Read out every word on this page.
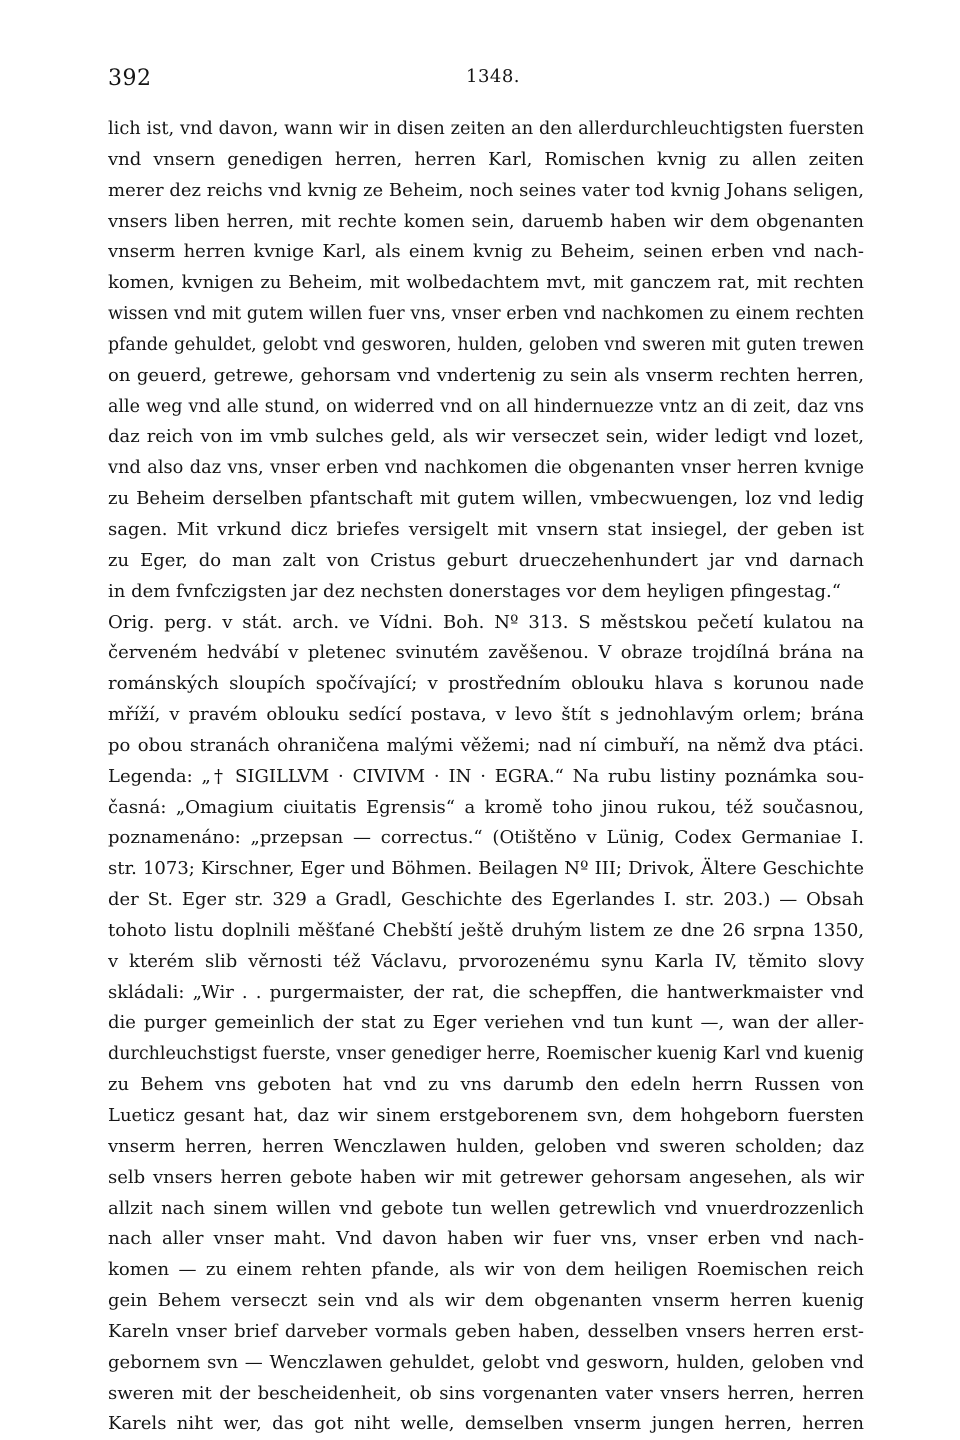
392	1348.
lich ist, vnd davon, wann wir in disen zeiten an den allerdurchleuchtigsten fuersten
vnd vnsern genedigen herren, herren Karl, Romischen kvnig zu allen zeiten
merer dez reichs vnd kvnig ze Beheim, noch seines vater tod kvnig Johans seligen,
vnsers liben herren, mit rechte komen sein, daruemb haben wir dem obgenanten
vnserm herren kvnige Karl, als einem kvnig zu Beheim, seinen erben vnd nach-
komen, kvnigen zu Beheim, mit wolbedachtem mvt, mit ganczem rat, mit rechten
wissen vnd mit gutem willen fuer vns, vnser erben vnd nachkomen zu einem rechten
pfande gehuldet, gelobt vnd gesworen, hulden, geloben vnd sweren mit guten trewen
on geuerd, getrewe, gehorsam vnd vndertenig zu sein als vnserm rechten herren,
alle weg vnd alle stund, on widerred vnd on all hindernuezze vntz an di zeit, daz vns
daz reich von im vmb sulches geld, als wir verseczet sein, wider ledigt vnd lozet,
vnd also daz vns, vnser erben vnd nachkomen die obgenanten vnser herren kvnige
zu Beheim derselben pfantschaft mit gutem willen, vmbecwuengen, loz vnd ledig
sagen. Mit vrkund dicz briefes versigelt mit vnsern stat insiegel, der geben ist
zu Eger, do man zalt von Cristus geburt drueczehenhundert jar vnd darnach
in dem fvnfczigsten jar dez nechsten donerstages vor dem heyligen pfingestag.“
Orig. perg. v stát. arch. ve Vídni. Boh. Nº 313. S městskou pečetí kulatou na
červeném hedvábí v pletenec svinutém zavěšenou. V obraze trojdílná brána na
románských sloupích spočívající; v prostředním oblouku hlava s korunou nade
mříží, v pravém oblouku sedící postava, v levo štít s jednohlavým orlem; brána
po obou stranách ohraničena malými věžemi; nad ní cimbuří, na němž dva ptáci.
Legenda: „† SIGILLVM · CIVIVM · IN · EGRA.“ Na rubu listiny poznámka sou-
časná: „Omagium ciuitatis Egrensis“ a kromě toho jinou rukou, též současnou,
poznamenáno: „przepsan — correctus.“ (Otištěno v Lünig, Codex Germaniae I.
str. 1073; Kirschner, Eger und Böhmen. Beilagen Nº III; Drivok, Ältere Geschichte
der St. Eger str. 329 a Gradl, Geschichte des Egerlandes I. str. 203.) — Obsah
tohoto listu doplnili měšťané Chebští ještě druhým listem ze dne 26 srpna 1350,
v kterém slib věrnosti též Václavu, prvorozenému synu Karla IV, těmito slovy
skládali: „Wir . . purgermaister, der rat, die schepffen, die hantwerkmaister vnd
die purger gemeinlich der stat zu Eger veriehen vnd tun kunt —, wan der aller-
durchleuchstigst fuerste, vnser genediger herre, Roemischer kuenig Karl vnd kuenig
zu Behem vns geboten hat vnd zu vns darumb den edeln herrn Russen von
Lueticz gesant hat, daz wir sinem erstgeborenem svn, dem hohgeborn fuersten
vnserm herren, herren Wenczlawen hulden, geloben vnd sweren scholden; daz
selb vnsers herren gebote haben wir mit getrewer gehorsam angesehen, als wir
allzit nach sinem willen vnd gebote tun wellen getrewlich vnd vnuerdrozzenlich
nach aller vnser maht. Vnd davon haben wir fuer vns, vnser erben vnd nach-
komen — zu einem rehten pfande, als wir von dem heiligen Roemischen reich
gein Behem verseczt sein vnd als wir dem obgenanten vnserm herren kuenig
Kareln vnser brief darveber vormals geben haben, desselben vnsers herren erst-
gebornem svn — Wenczlawen gehuldet, gelobt vnd gesworn, hulden, geloben vnd
sweren mit der bescheidenheit, ob sins vorgenanten vater vnsers herren, herren
Karels niht wer, das got niht welle, demselben vnserm jungen herren, herren
